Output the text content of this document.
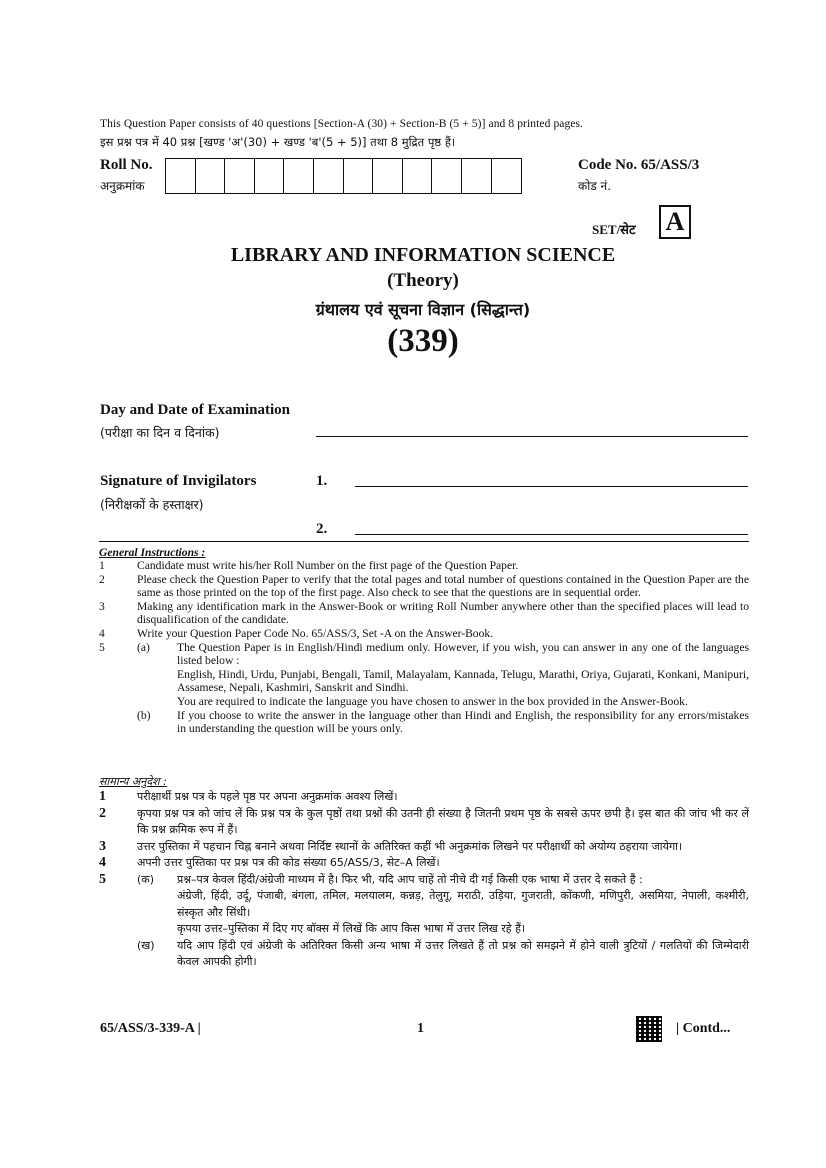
This Question Paper consists of 40 questions [Section-A (30) + Section-B (5 + 5)] and 8 printed pages.
इस प्रश्न पत्र में 40 प्रश्न [खण्ड 'अ'(30) + खण्ड 'ब'(5 + 5)] तथा 8 मुद्रित पृष्ठ हैं।
Roll No.
अनुक्रमांक
Code No. 65/ASS/3
कोड नं.
SET/सेट A
LIBRARY AND INFORMATION SCIENCE
(Theory)
ग्रंथालय एवं सूचना विज्ञान (सिद्धान्त)
(339)
Day and Date of Examination
(परीक्षा का दिन व दिनांक)
Signature of Invigilators
(निरीक्षकों के हस्ताक्षर)
1.
2.
General Instructions :
1	Candidate must write his/her Roll Number on the first page of the Question Paper.
2	Please check the Question Paper to verify that the total pages and total number of questions contained in the Question Paper are the same as those printed on the top of the first page. Also check to see that the questions are in sequential order.
3	Making any identification mark in the Answer-Book or writing Roll Number anywhere other than the specified places will lead to disqualification of the candidate.
4	Write your Question Paper Code No. 65/ASS/3, Set -A on the Answer-Book.
5	(a)	The Question Paper is in English/Hindi medium only. However, if you wish, you can answer in any one of the languages listed below :
English, Hindi, Urdu, Punjabi, Bengali, Tamil, Malayalam, Kannada, Telugu, Marathi, Oriya, Gujarati, Konkani, Manipuri, Assamese, Nepali, Kashmiri, Sanskrit and Sindhi.
You are required to indicate the language you have chosen to answer in the box provided in the Answer-Book.
(b)	If you choose to write the answer in the language other than Hindi and English, the responsibility for any errors/mistakes in understanding the question will be yours only.
सामान्य अनुदेश :
1	परीक्षार्थी प्रश्न पत्र के पहले पृष्ठ पर अपना अनुक्रमांक अवश्य लिखें।
2	कृपया प्रश्न पत्र को जांच लें कि प्रश्न पत्र के कुल पृष्ठों तथा प्रश्नों की उतनी ही संख्या है जितनी प्रथम पृष्ठ के सबसे ऊपर छपी है। इस बात की जांच भी कर लें कि प्रश्न क्रमिक रूप में हैं।
3	उत्तर पुस्तिका में पहचान चिह्न बनाने अथवा निर्दिष्ट स्थानों के अतिरिक्त कहीं भी अनुक्रमांक लिखने पर परीक्षार्थी को अयोग्य ठहराया जायेगा।
4	अपनी उत्तर पुस्तिका पर प्रश्न पत्र की कोड संख्या 65/ASS/3, सेट–A लिखें।
5	(क)	प्रश्न–पत्र केवल हिंदी/अंग्रेजी माध्यम में है। फिर भी, यदि आप चाहें तो नीचे दी गई किसी एक भाषा में उत्तर दे सकते हैं :
अंग्रेजी, हिंदी, उर्दू, पंजाबी, बंगला, तमिल, मलयालम, कन्नड़, तेलुगू, मराठी, उड़िया, गुजराती, कोंकणी, मणिपुरी, असमिया, नेपाली, कश्मीरी, संस्कृत और सिंधी।
कृपया उत्तर–पुस्तिका में दिए गए बॉक्स में लिखें कि आप किस भाषा में उत्तर लिख रहे हैं।
(ख)	यदि आप हिंदी एवं अंग्रेजी के अतिरिक्त किसी अन्य भाषा में उत्तर लिखते हैं तो प्रश्न को समझने में होने वाली त्रुटियों / गलतियों की जिम्मेदारी केवल आपकी होगी।
65/ASS/3-339-A |	1	| Contd...
